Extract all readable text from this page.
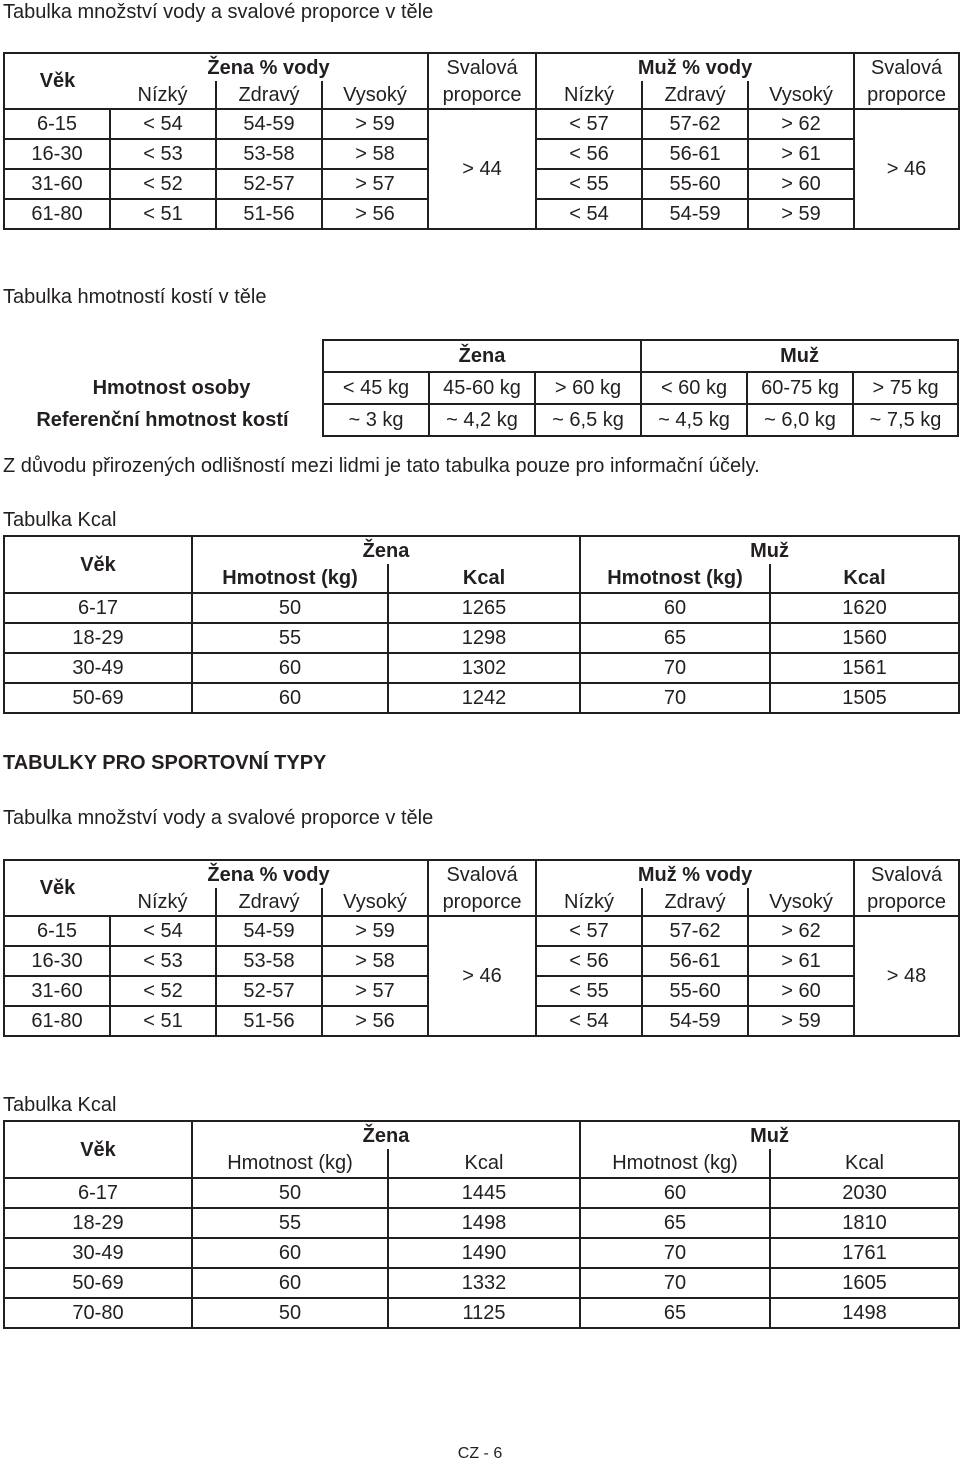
Tabulka množství vody a svalové proporce v těle
Věk	Žena % vody			Svalová	Muž % vody			Svalová
	Nízký	Zdravý	Vysoký	proporce	Nízký	Zdravý	Vysoký	proporce
6-15	< 54	54-59	> 59	> 44	< 57	57-62	> 62	> 46
16-30	< 53	53-58	> 58		< 56	56-61	> 61	
31-60	< 52	52-57	> 57		< 55	55-60	> 60	
61-80	< 51	51-56	> 56		< 54	54-59	> 59	
Tabulka hmotností kostí v těle
	Žena			Muž		
Hmotnost osoby	< 45 kg	45-60 kg	> 60 kg	< 60 kg	60-75 kg	> 75 kg
Referenční hmotnost kostí	~ 3 kg	~ 4,2 kg	~ 6,5 kg	~ 4,5 kg	~ 6,0 kg	~ 7,5 kg
Z důvodu přirozených odlišností mezi lidmi je tato tabulka pouze pro informační účely.
Tabulka Kcal
Věk	Žena		Muž	
	Hmotnost (kg)	Kcal	Hmotnost (kg)	Kcal
6-17	50	1265	60	1620
18-29	55	1298	65	1560
30-49	60	1302	70	1561
50-69	60	1242	70	1505
TABULKY PRO SPORTOVNÍ TYPY
Tabulka množství vody a svalové proporce v těle
Věk	Žena % vody			Svalová	Muž % vody			Svalová
	Nízký	Zdravý	Vysoký	proporce	Nízký	Zdravý	Vysoký	proporce
6-15	< 54	54-59	> 59	> 46	< 57	57-62	> 62	> 48
16-30	< 53	53-58	> 58		< 56	56-61	> 61	
31-60	< 52	52-57	> 57		< 55	55-60	> 60	
61-80	< 51	51-56	> 56		< 54	54-59	> 59	
Tabulka Kcal
Věk	Žena		Muž	
	Hmotnost (kg)	Kcal	Hmotnost (kg)	Kcal
6-17	50	1445	60	2030
18-29	55	1498	65	1810
30-49	60	1490	70	1761
50-69	60	1332	70	1605
70-80	50	1125	65	1498
CZ - 6
